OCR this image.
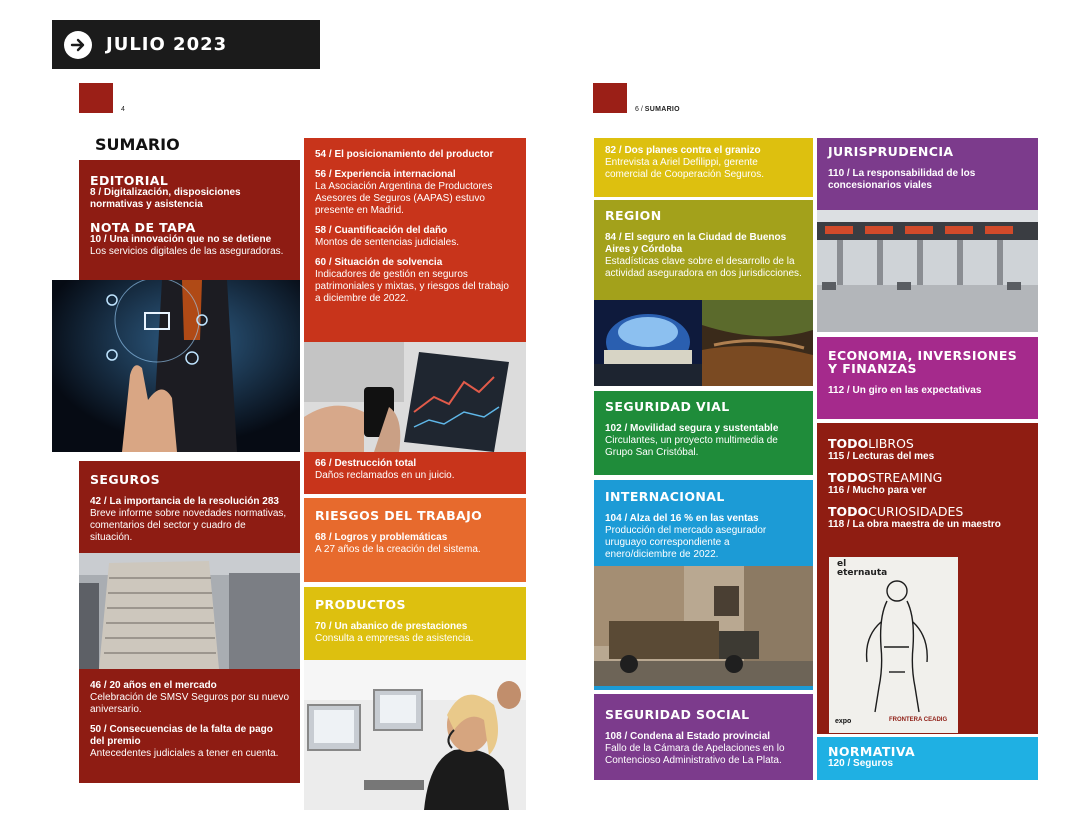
JULIO 2023
4
SUMARIO
EDITORIAL
8 / Digitalización, disposiciones normativas y asistencia
NOTA DE TAPA
10 / Una innovación que no se detiene
Los servicios digitales de las aseguradoras.
SEGUROS
42 / La importancia de la resolución 283
Breve informe sobre novedades normativas, comentarios del sector y cuadro de situación.
46 / 20 años en el mercado
Celebración de SMSV Seguros por su nuevo aniversario.
50 / Consecuencias de la falta de pago del premio
Antecedentes judiciales a tener en cuenta.
54 / El posicionamiento del productor
56 / Experiencia internacional
La Asociación Argentina de Productores Asesores de Seguros (AAPAS) estuvo presente en Madrid.
58 / Cuantificación del daño
Montos de sentencias judiciales.
60 / Situación de solvencia
Indicadores de gestión en seguros patrimoniales y mixtas, y riesgos del trabajo a diciembre de 2022.
66 / Destrucción total
Daños reclamados en un juicio.
RIESGOS DEL TRABAJO
68 / Logros y problemáticas
A 27 años de la creación del sistema.
PRODUCTOS
70 / Un abanico de prestaciones
Consulta a empresas de asistencia.
6 / SUMARIO
82 / Dos planes contra el granizo
Entrevista a Ariel Defilippi, gerente comercial de Cooperación Seguros.
REGION
84 / El seguro en la Ciudad de Buenos Aires y Córdoba
Estadísticas clave sobre el desarrollo de la actividad aseguradora en dos jurisdicciones.
SEGURIDAD VIAL
102 / Movilidad segura y sustentable
Circulantes, un proyecto multimedia de Grupo San Cristóbal.
INTERNACIONAL
104 / Alza del 16 % en las ventas
Producción del mercado asegurador uruguayo correspondiente a enero/diciembre de 2022.
SEGURIDAD SOCIAL
108 / Condena al Estado provincial
Fallo de la Cámara de Apelaciones en lo Contencioso Administrativo de La Plata.
JURISPRUDENCIA
110 / La responsabilidad de los concesionarios viales
ECONOMIA, INVERSIONES Y FINANZAS
112 / Un giro en las expectativas
TODOLIBROS
115 / Lecturas del mes
TODOSTREAMING
116 / Mucho para ver
TODOCURIOSIDADES
118 / La obra maestra de un maestro
el
eternauta
expo	FRONTERA CEADIG
NORMATIVA
120 / Seguros
